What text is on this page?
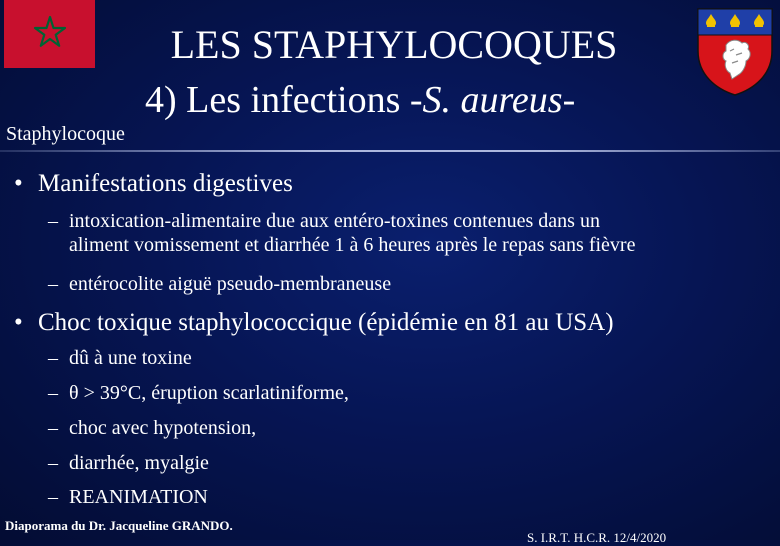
LES STAPHYLOCOQUES
4) Les infections -S. aureus-
Staphylocoque
• Manifestations digestives
– intoxication-alimentaire due aux entéro-toxines contenues dans un
aliment vomissement et diarrhée 1 à 6 heures après le repas sans fièvre
– entérocolite aiguë pseudo-membraneuse
• Choc toxique staphylococcique (épidémie en 81 au USA)
– dû à une toxine
– θ > 39°C, éruption scarlatiniforme,
– choc avec hypotension,
– diarrhée, myalgie
– REANIMATION
Diaporama du Dr. Jacqueline GRANDO.
S. I.R.T. H.C.R. 12/4/2020
